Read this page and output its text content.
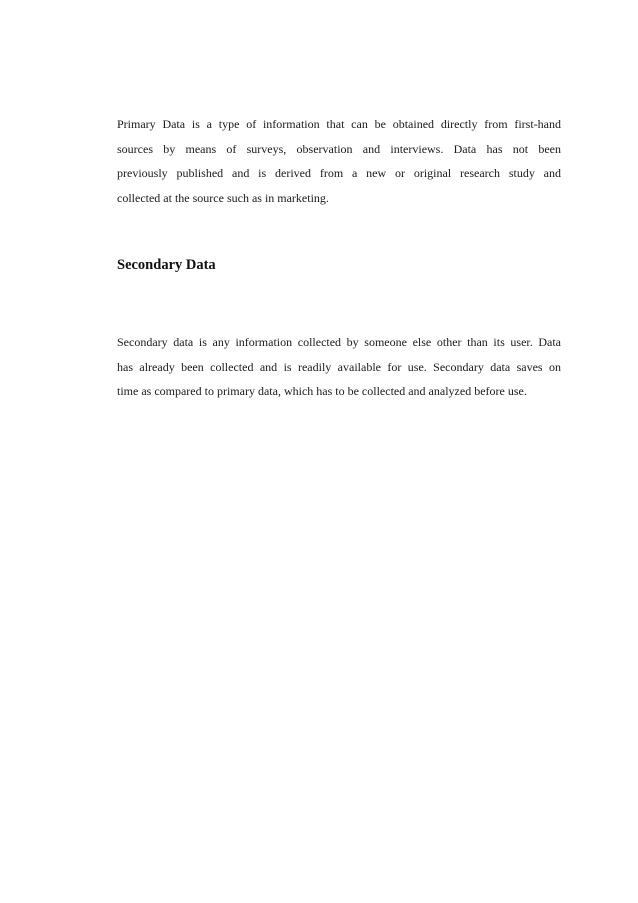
Primary Data is a type of information that can be obtained directly from first-hand
sources by means of surveys, observation and interviews. Data has not been
previously published and is derived from a new or original research study and
collected at the source such as in marketing.

Secondary Data

Secondary data is any information collected by someone else other than its user. Data
has already been collected and is readily available for use. Secondary data saves on
time as compared to primary data, which has to be collected and analyzed before use.
